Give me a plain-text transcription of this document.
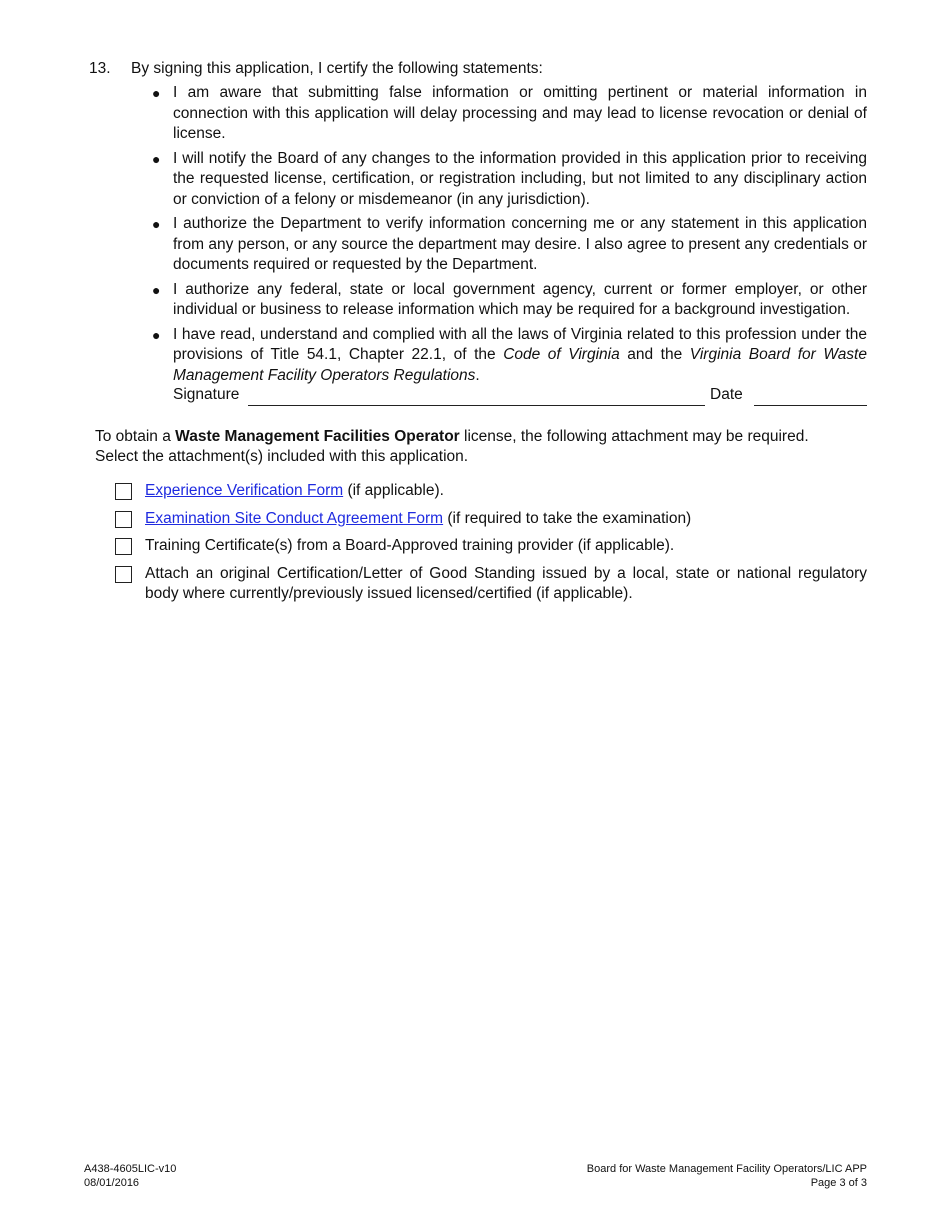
13. By signing this application, I certify the following statements:
● I am aware that submitting false information or omitting pertinent or material information in connection with this application will delay processing and may lead to license revocation or denial of license.
● I will notify the Board of any changes to the information provided in this application prior to receiving the requested license, certification, or registration including, but not limited to any disciplinary action or conviction of a felony or misdemeanor (in any jurisdiction).
● I authorize the Department to verify information concerning me or any statement in this application from any person, or any source the department may desire. I also agree to present any credentials or documents required or requested by the Department.
● I authorize any federal, state or local government agency, current or former employer, or other individual or business to release information which may be required for a background investigation.
● I have read, understand and complied with all the laws of Virginia related to this profession under the provisions of Title 54.1, Chapter 22.1, of the Code of Virginia and the Virginia Board for Waste Management Facility Operators Regulations.
Signature	Date
To obtain a Waste Management Facilities Operator license, the following attachment may be required.
Select the attachment(s) included with this application.
Experience Verification Form (if applicable).
Examination Site Conduct Agreement Form (if required to take the examination)
Training Certificate(s) from a Board-Approved training provider (if applicable).
Attach an original Certification/Letter of Good Standing issued by a local, state or national regulatory body where currently/previously issued licensed/certified (if applicable).
A438-4605LIC-v10
08/01/2016
Board for Waste Management Facility Operators/LIC APP
Page 3 of 3
